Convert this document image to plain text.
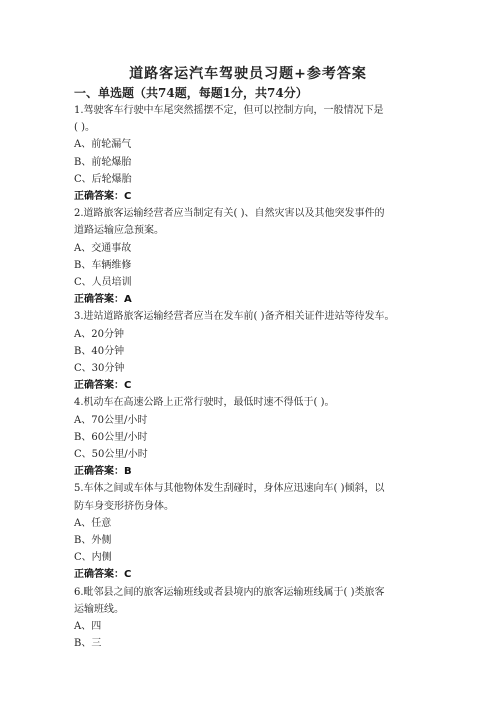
道路客运汽车驾驶员习题+参考答案
一、单选题（共74题，每题1分，共74分）
1.驾驶客车行驶中车尾突然摇摆不定，但可以控制方向，一般情况下是
( )。
A、前轮漏气
B、前轮爆胎
C、后轮爆胎
正确答案：C
2.道路旅客运输经营者应当制定有关( )、自然灾害以及其他突发事件的
道路运输应急预案。
A、交通事故
B、车辆维修
C、人员培训
正确答案：A
3.进站道路旅客运输经营者应当在发车前( )备齐相关证件进站等待发车。
A、20分钟
B、40分钟
C、30分钟
正确答案：C
4.机动车在高速公路上正常行驶时，最低时速不得低于( )。
A、70公里/小时
B、60公里/小时
C、50公里/小时
正确答案：B
5.车体之间或车体与其他物体发生刮碰时，身体应迅速向车( )倾斜，以
防车身变形挤伤身体。
A、任意
B、外侧
C、内侧
正确答案：C
6.毗邻县之间的旅客运输班线或者县境内的旅客运输班线属于( )类旅客
运输班线。
A、四
B、三
